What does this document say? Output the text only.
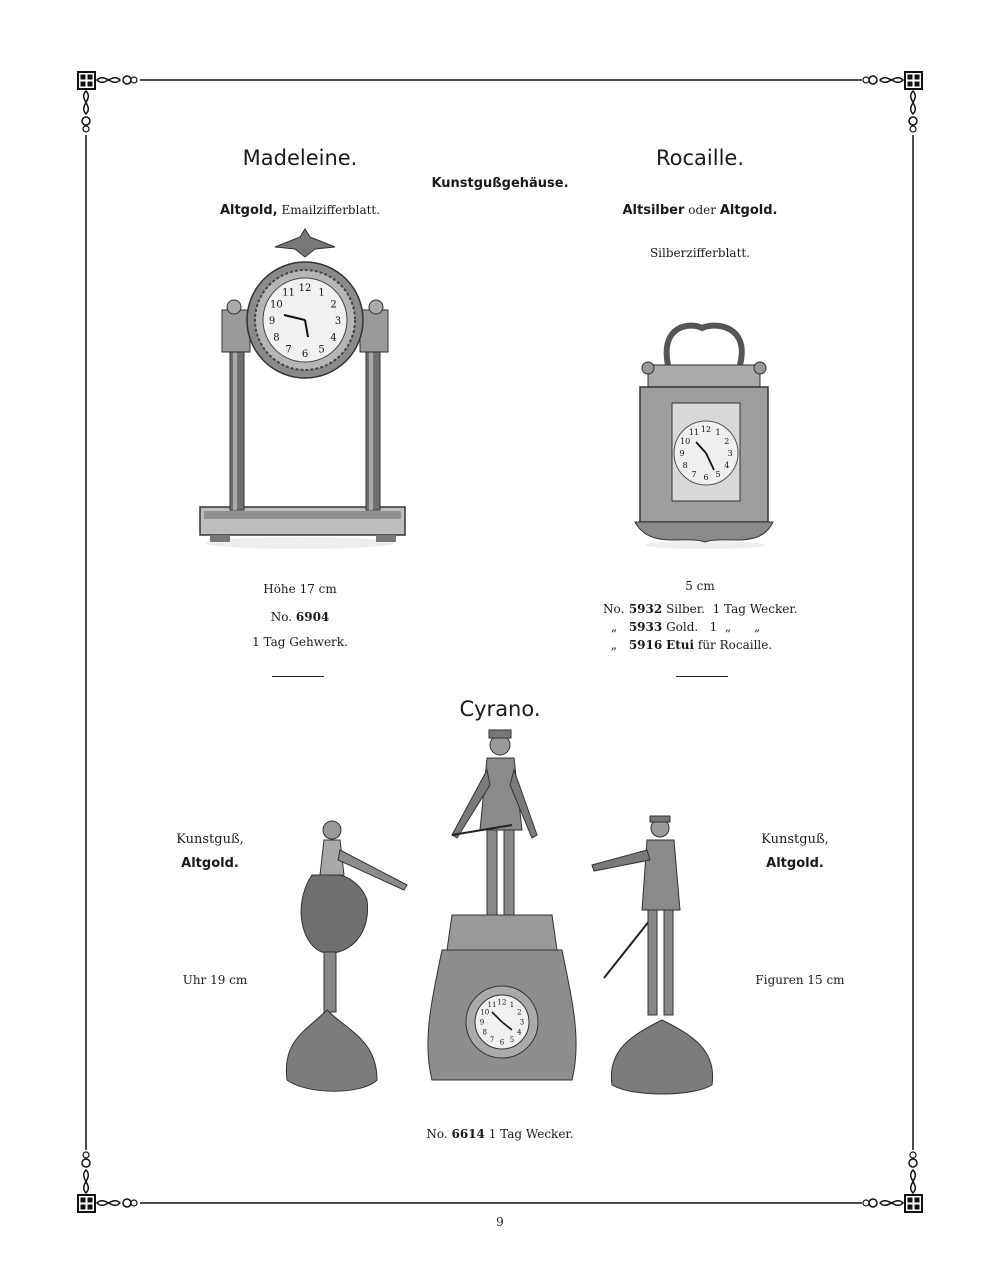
Madeleine.
Kunstgußgehäuse.
Rocaille.
Altgold, Emailzifferblatt.	Altsilber oder Altgold.
Silberzifferblatt.
12 1
2
3
4
5
6
7
8
9
10
11
12 1
2
3
4
5
6
7
8
9
10
11
Höhe 17 cm
No. 6904
1 Tag Gehwerk.
5 cm
No. 5932 Silber.  1 Tag Wecker.
„ 5933 Gold.   1  „      „
„ 5916 Etui für Rocaille.
Cyrano.
Kunstguß,
Altgold.
Kunstguß,
Altgold.
Uhr 19 cm	Figuren 15 cm
12 1
2
3
4
5
6
7
8
9
10
11
No. 6614 1 Tag Wecker.
9
